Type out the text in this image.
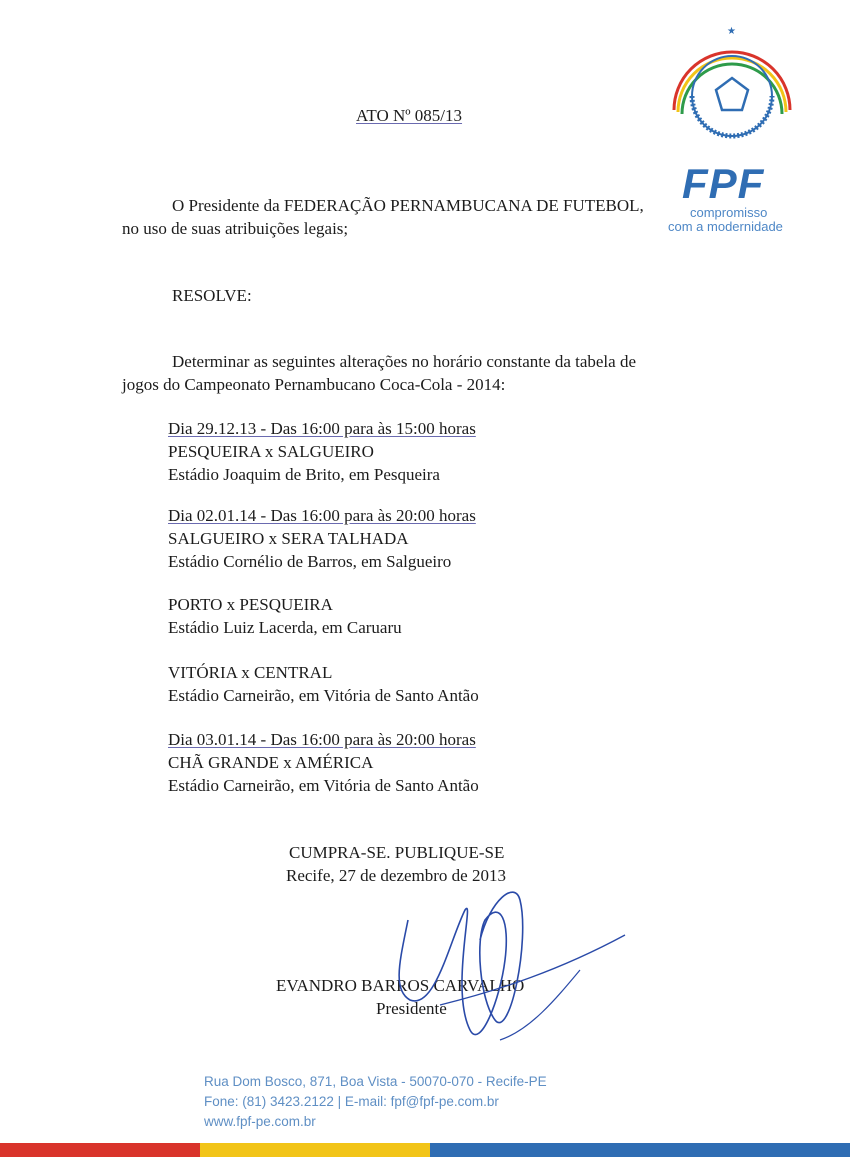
★
FPF
compromisso
com a modernidade
ATO Nº 085/13
O Presidente da FEDERAÇÃO PERNAMBUCANA DE FUTEBOL,
no uso de suas atribuições legais;
RESOLVE:
Determinar as seguintes alterações no horário constante da tabela de
jogos do Campeonato Pernambucano Coca-Cola - 2014:
Dia 29.12.13 - Das 16:00 para às 15:00 horas
PESQUEIRA x SALGUEIRO
Estádio Joaquim de Brito, em Pesqueira
Dia 02.01.14 - Das 16:00 para às 20:00 horas
SALGUEIRO x SERA TALHADA
Estádio Cornélio de Barros, em Salgueiro
PORTO x PESQUEIRA
Estádio Luiz Lacerda, em Caruaru
VITÓRIA x CENTRAL
Estádio Carneirão, em Vitória de Santo Antão
Dia 03.01.14 - Das 16:00 para às 20:00 horas
CHÃ GRANDE x AMÉRICA
Estádio Carneirão, em Vitória de Santo Antão
CUMPRA-SE. PUBLIQUE-SE
Recife, 27 de dezembro de 2013
EVANDRO BARROS CARVALHO
Presidente
Rua Dom Bosco, 871, Boa Vista - 50070-070 - Recife-PE
Fone: (81) 3423.2122 | E-mail: fpf@fpf-pe.com.br
www.fpf-pe.com.br
